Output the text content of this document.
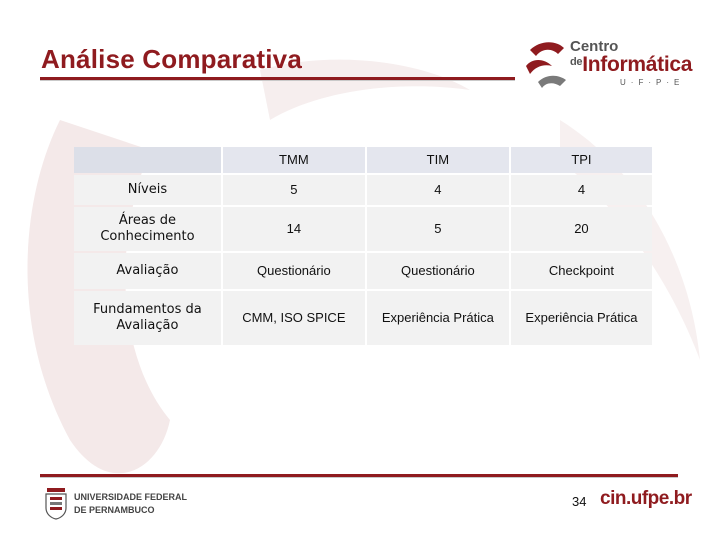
Análise Comparativa	Centro
$^{de}$Informática
U·F·P·E
	TMM	TIM	TPI
Níveis	5	4	4
Áreas de Conhecimento	14	5	20
Avaliação	Questionário	Questionário	Checkpoint
Fundamentos da Avaliação	CMM, ISO SPICE	Experiência Prática	Experiência Prática
UNIVERSIDADE FEDERAL
DE PERNAMBUCO
34 cin.ufpe.br
